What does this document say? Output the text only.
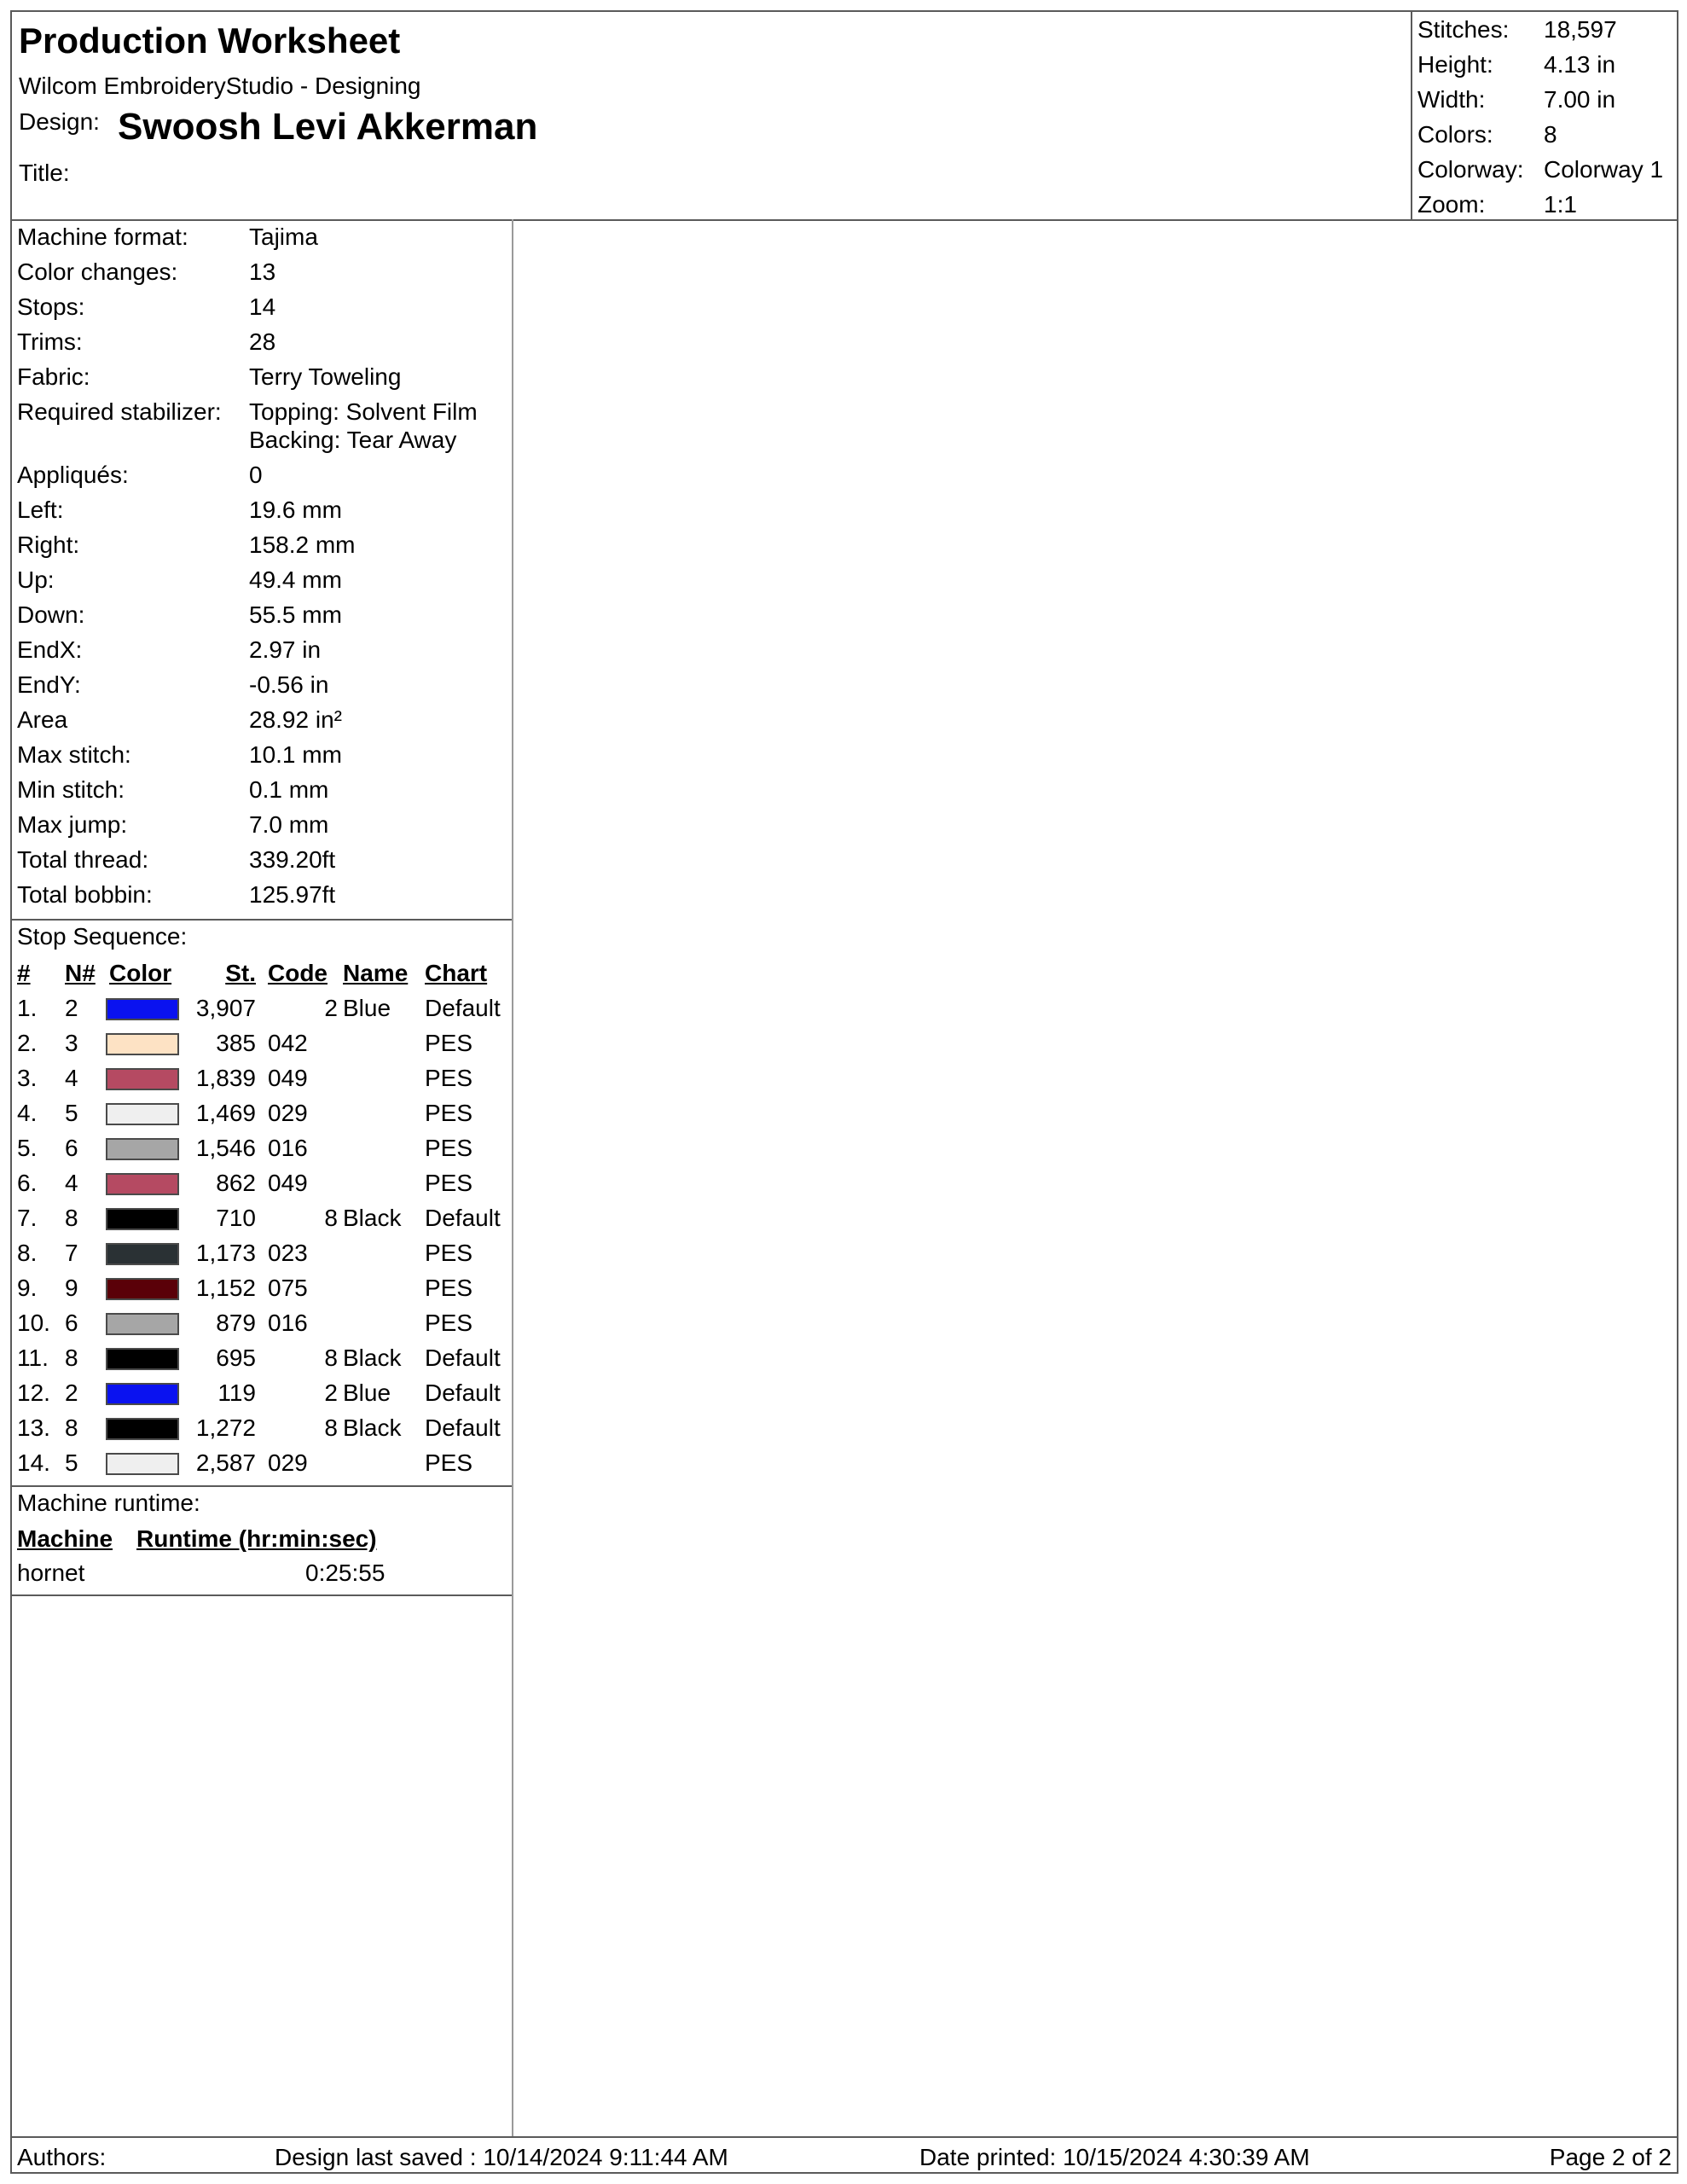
Production Worksheet
Wilcom EmbroideryStudio - Designing
Design: Swoosh Levi Akkerman
Title:
Stitches: 18,597
Height: 4.13 in
Width: 7.00 in
Colors: 8
Colorway: Colorway 1
Zoom: 1:1
Machine format:	Tajima
Color changes:	13
Stops:	14
Trims:	28
Fabric:	Terry Toweling
Required stabilizer: Topping: Solvent Film
Backing: Tear Away
Appliqués:	0
Left:	19.6 mm
Right:	158.2 mm
Up:	49.4 mm
Down:	55.5 mm
EndX:	2.97 in
EndY:	-0.56 in
Area	28.92 in²
Max stitch:	10.1 mm
Min stitch:	0.1 mm
Max jump:	7.0 mm
Total thread:	339.20ft
Total bobbin:	125.97ft
Stop Sequence:
# N# Color St. Code Name Chart
1. 2	3,907	2 Blue Default
2. 3	385 042	PES
3. 4	1,839 049	PES
4. 5	1,469 029	PES
5. 6	1,546 016	PES
6. 4	862 049	PES
7. 8	710	8 Black Default
8. 7	1,173 023	PES
9. 9	1,152 075	PES
10. 6	879 016	PES
11. 8	695	8 Black Default
12. 2	119	2 Blue Default
13. 8	1,272	8 Black Default
14. 5	2,587 029	PES
Machine runtime:
Machine Runtime (hr:min:sec)
hornet	0:25:55
Authors:	Design last saved : 10/14/2024 9:11:44 AM	Date printed: 10/15/2024 4:30:39 AM	Page 2 of 2
